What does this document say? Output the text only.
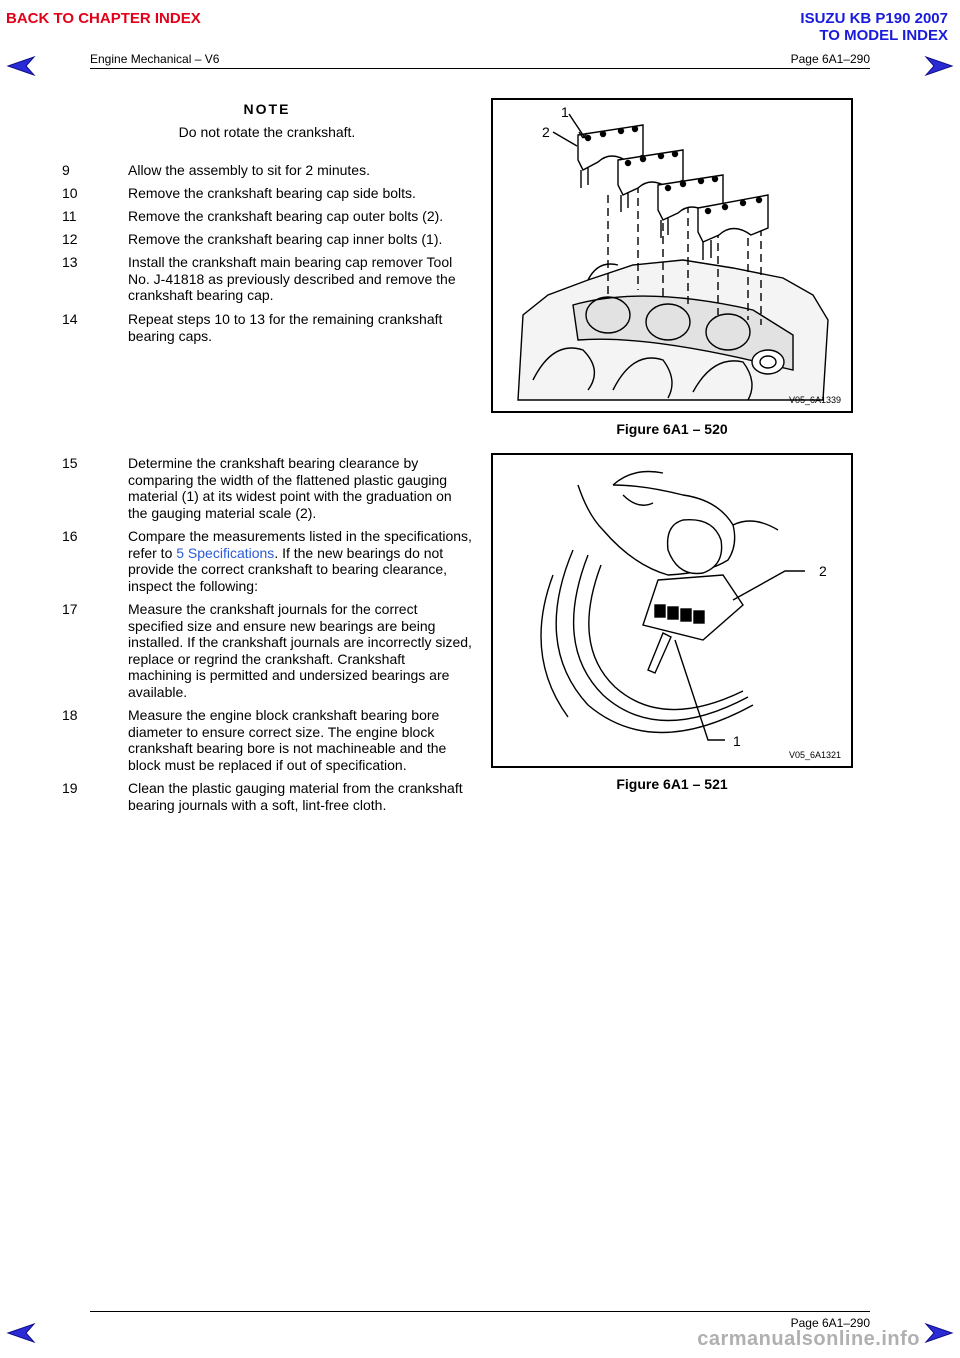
BACK TO CHAPTER INDEX	ISUZU KB P190 2007
TO MODEL INDEX
Engine Mechanical – V6	Page 6A1–290
NOTE
Do not rotate the crankshaft.
9	Allow the assembly to sit for 2 minutes.
10	Remove the crankshaft bearing cap side bolts.
11	Remove the crankshaft bearing cap outer bolts (2).
12	Remove the crankshaft bearing cap inner bolts (1).
13	Install the crankshaft main bearing cap remover Tool No. J-41818 as previously described and remove the crankshaft bearing cap.
14	Repeat steps 10 to 13 for the remaining crankshaft bearing caps.
1
2
V05_6A1339
Figure 6A1 – 520
15	Determine the crankshaft bearing clearance by comparing the width of the flattened plastic gauging material (1) at its widest point with the graduation on the gauging material scale (2).
16	Compare the measurements listed in the specifications, refer to 5 Specifications. If the new bearings do not provide the correct crankshaft to bearing clearance, inspect the following:
17	Measure the crankshaft journals for the correct specified size and ensure new bearings are being installed. If the crankshaft journals are incorrectly sized, replace or regrind the crankshaft. Crankshaft machining is permitted and undersized bearings are available.
18	Measure the engine block crankshaft bearing bore diameter to ensure correct size. The engine block crankshaft bearing bore is not machineable and the block must be replaced if out of specification.
19	Clean the plastic gauging material from the crankshaft bearing journals with a soft, lint-free cloth.
2
1
V05_6A1321
Figure 6A1 – 521
Page 6A1–290
carmanualsonline.info
